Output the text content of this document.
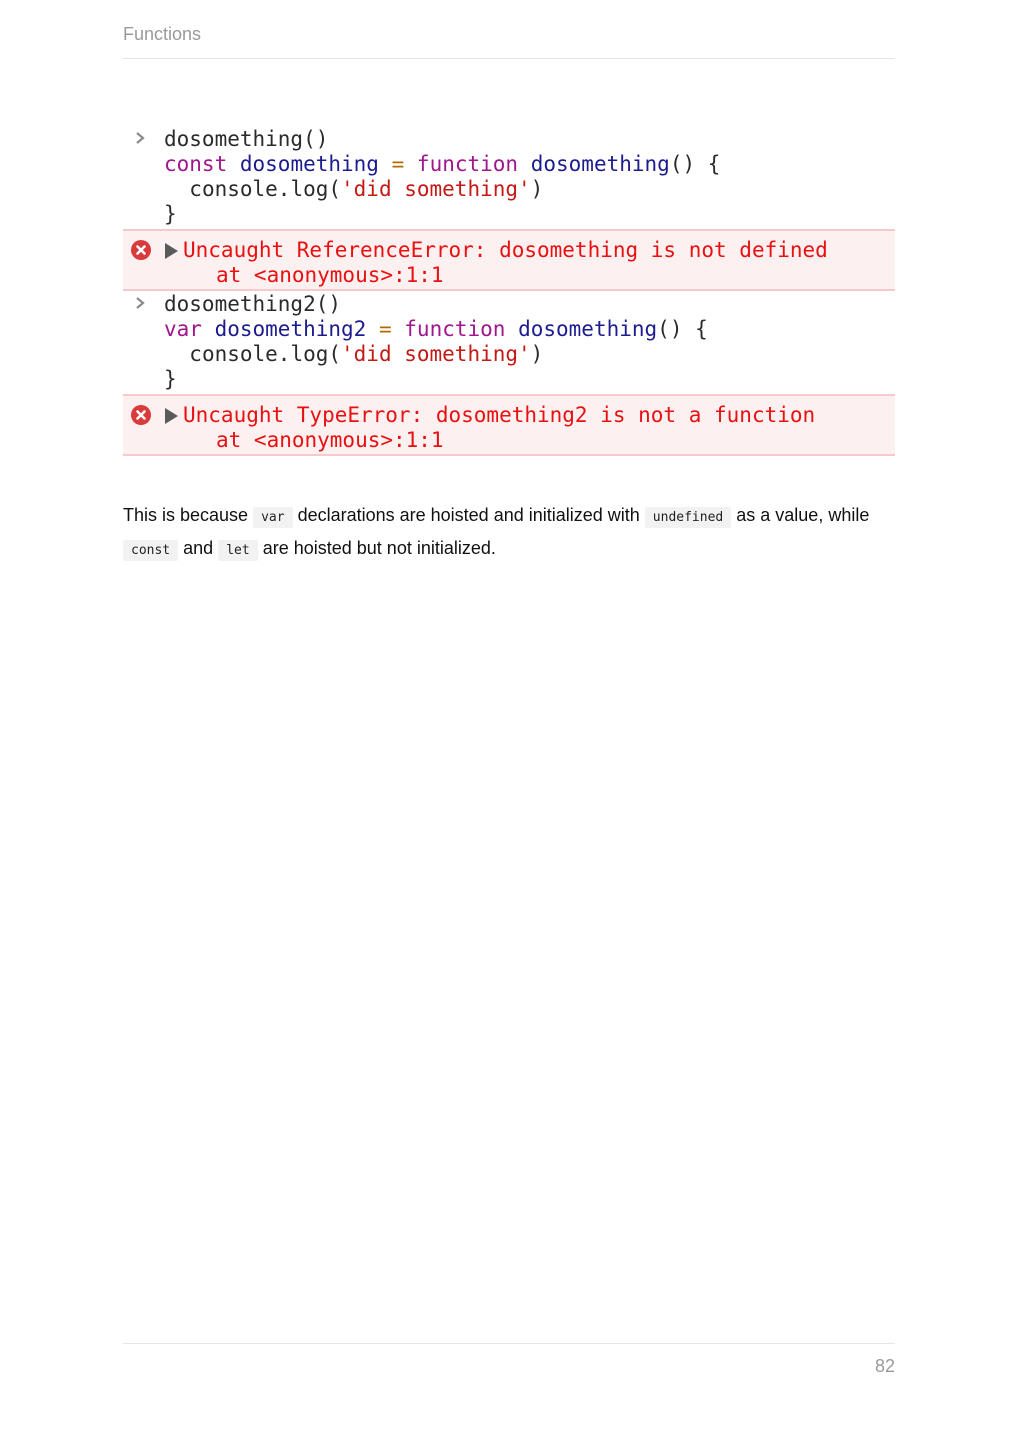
Functions
dosomething()
const dosomething = function dosomething() {
console.log('did something')
}
Uncaught ReferenceError: dosomething is not defined
at <anonymous>:1:1
dosomething2()
var dosomething2 = function dosomething() {
console.log('did something')
}
Uncaught TypeError: dosomething2 is not a function
at <anonymous>:1:1

This is because var declarations are hoisted and initialized with undefined as a value, while const and let are hoisted but not initialized.

82
